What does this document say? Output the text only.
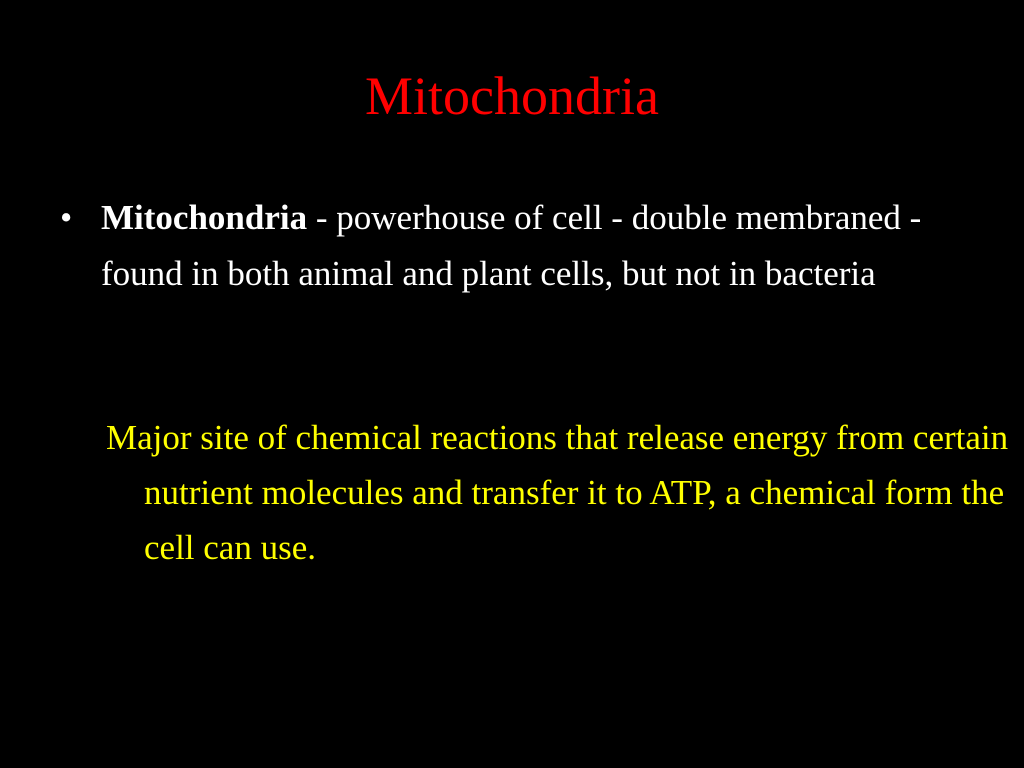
Mitochondria
• Mitochondria - powerhouse of cell - double membraned - found in both animal and plant cells, but not in bacteria
Major site of chemical reactions that release energy from certain nutrient molecules and transfer it to ATP, a chemical form the cell can use.
